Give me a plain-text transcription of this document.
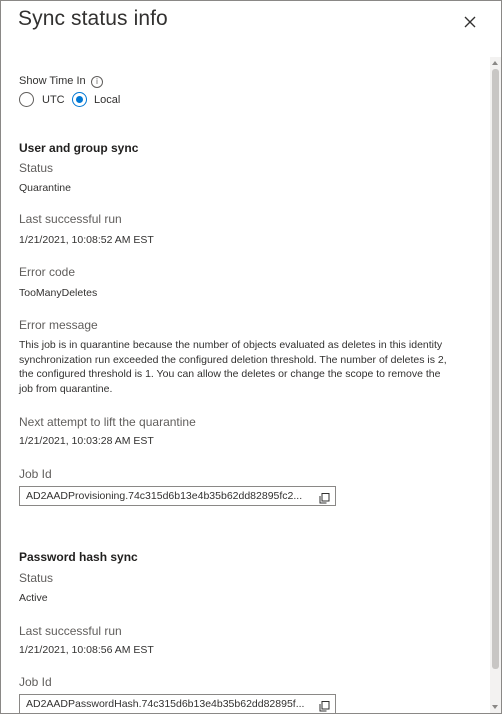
Sync status info
Show Time In	i
UTC	Local
User and group sync
Status
Quarantine
Last successful run
1/21/2021, 10:08:52 AM EST
Error code
TooManyDeletes
Error message
This job is in quarantine because the number of objects evaluated as deletes in this identity
synchronization run exceeded the configured deletion threshold. The number of deletes is 2,
the configured threshold is 1. You can allow the deletes or change the scope to remove the
job from quarantine.
Next attempt to lift the quarantine
1/21/2021, 10:03:28 AM EST
Job Id
AD2AADProvisioning.74c315d6b13e4b35b62dd82895fc2...
Password hash sync
Status
Active
Last successful run
1/21/2021, 10:08:56 AM EST
Job Id
AD2AADPasswordHash.74c315d6b13e4b35b62dd82895f...
